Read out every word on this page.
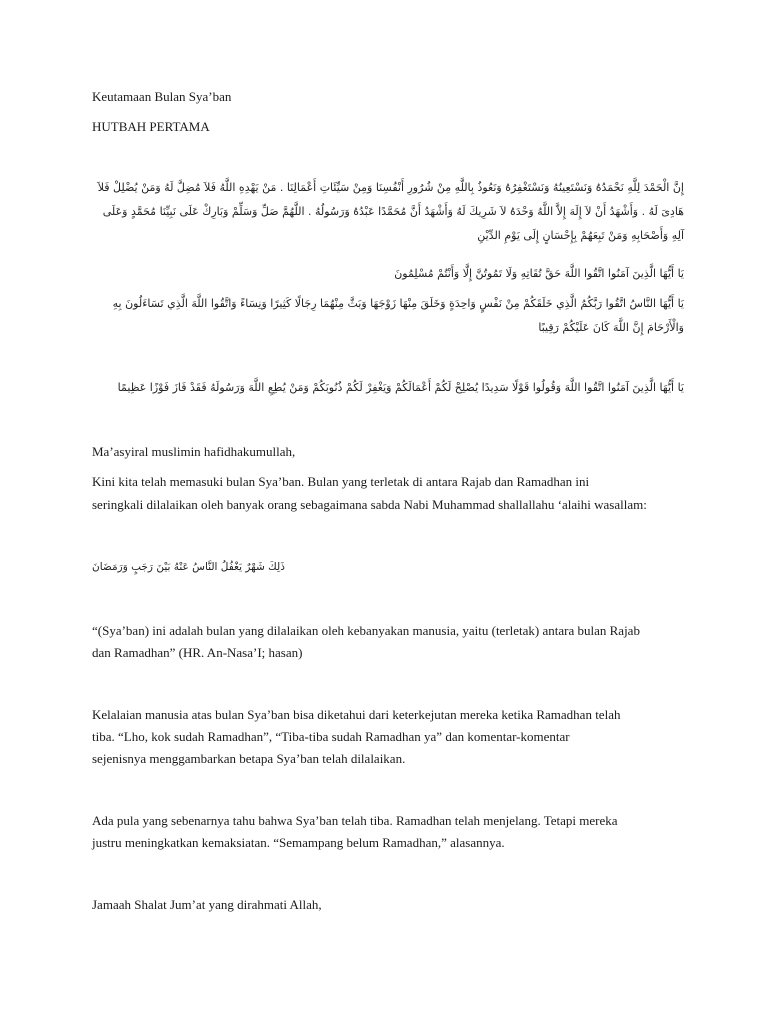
Keutamaan Bulan Sya’ban

HUTBAH PERTAMA

إِنَّ الْحَمْدَ لِلَّهِ نَحْمَدُهُ وَنَسْتَعِينُهُ وَنَسْتَغْفِرُهُ وَنَعُوذُ بِاللَّهِ مِنْ شُرُورِ أَنْفُسِنَا وَمِنْ سَيِّئَاتِ أَعْمَالِنَا . مَنْ يَهْدِهِ اللَّهُ فَلاَ مُضِلَّ لَهُ وَمَنْ يُضْلِلْ فَلاَ هَادِىَ لَهُ . وَأَشْهَدُ أَنْ لاَ إِلَهَ إِلاَّ اللَّهُ وَحْدَهُ لاَ شَرِيكَ لَهُ وَأَشْهَدُ أَنَّ مُحَمَّدًا عَبْدُهُ وَرَسُولُهُ . اللَّهُمَّ صَلِّ وَسَلِّمْ وَبَارِكْ عَلَى نَبِيِّنَا مُحَمَّدٍ وَعَلَى آلِهِ وَأَصْحَابِهِ وَمَنْ تَبِعَهُمْ بِإِحْسَانٍ إِلَى يَوْمِ الدِّيْنِ

يَا أَيُّهَا الَّذِينَ آمَنُوا اتَّقُوا اللَّهَ حَقَّ تُقَاتِهِ وَلَا تَمُوتُنَّ إِلَّا وَأَنْتُمْ مُسْلِمُونَ

يَا أَيُّهَا النَّاسُ اتَّقُوا رَبَّكُمُ الَّذِي خَلَقَكُمْ مِنْ نَفْسٍ وَاحِدَةٍ وَخَلَقَ مِنْهَا زَوْجَهَا وَبَثَّ مِنْهُمَا رِجَالًا كَثِيرًا وَنِسَاءً وَاتَّقُوا اللَّهَ الَّذِي تَسَاءَلُونَ بِهِ وَالْأَرْحَامَ إِنَّ اللَّهَ كَانَ عَلَيْكُمْ رَقِيبًا

يَا أَيُّهَا الَّذِينَ آمَنُوا اتَّقُوا اللَّهَ وَقُولُوا قَوْلًا سَدِيدًا يُصْلِحْ لَكُمْ أَعْمَالَكُمْ وَيَغْفِرْ لَكُمْ ذُنُوبَكُمْ وَمَنْ يُطِعِ اللَّهَ وَرَسُولَهُ فَقَدْ فَازَ فَوْزًا عَظِيمًا

Ma’asyiral muslimin hafidhakumullah,

Kini kita telah memasuki bulan Sya’ban. Bulan yang terletak di antara Rajab dan Ramadhan ini

seringkali dilalaikan oleh banyak orang sebagaimana sabda Nabi Muhammad shallallahu ‘alaihi wasallam:

ذَلِكَ شَهْرٌ يَغْفُلُ النَّاسُ عَنْهُ بَيْنَ رَجَبٍ وَرَمَضَانَ

“(Sya’ban) ini adalah bulan yang dilalaikan oleh kebanyakan manusia, yaitu (terletak) antara bulan Rajab

dan Ramadhan” (HR. An-Nasa’I; hasan)

Kelalaian manusia atas bulan Sya’ban bisa diketahui dari keterkejutan mereka ketika Ramadhan telah

tiba. “Lho, kok sudah Ramadhan”, “Tiba-tiba sudah Ramadhan ya” dan komentar-komentar

sejenisnya menggambarkan betapa Sya’ban telah dilalaikan.

Ada pula yang sebenarnya tahu bahwa Sya’ban telah tiba. Ramadhan telah menjelang. Tetapi mereka

justru meningkatkan kemaksiatan. “Semampang belum Ramadhan,” alasannya.

Jamaah Shalat Jum’at yang dirahmati Allah,
